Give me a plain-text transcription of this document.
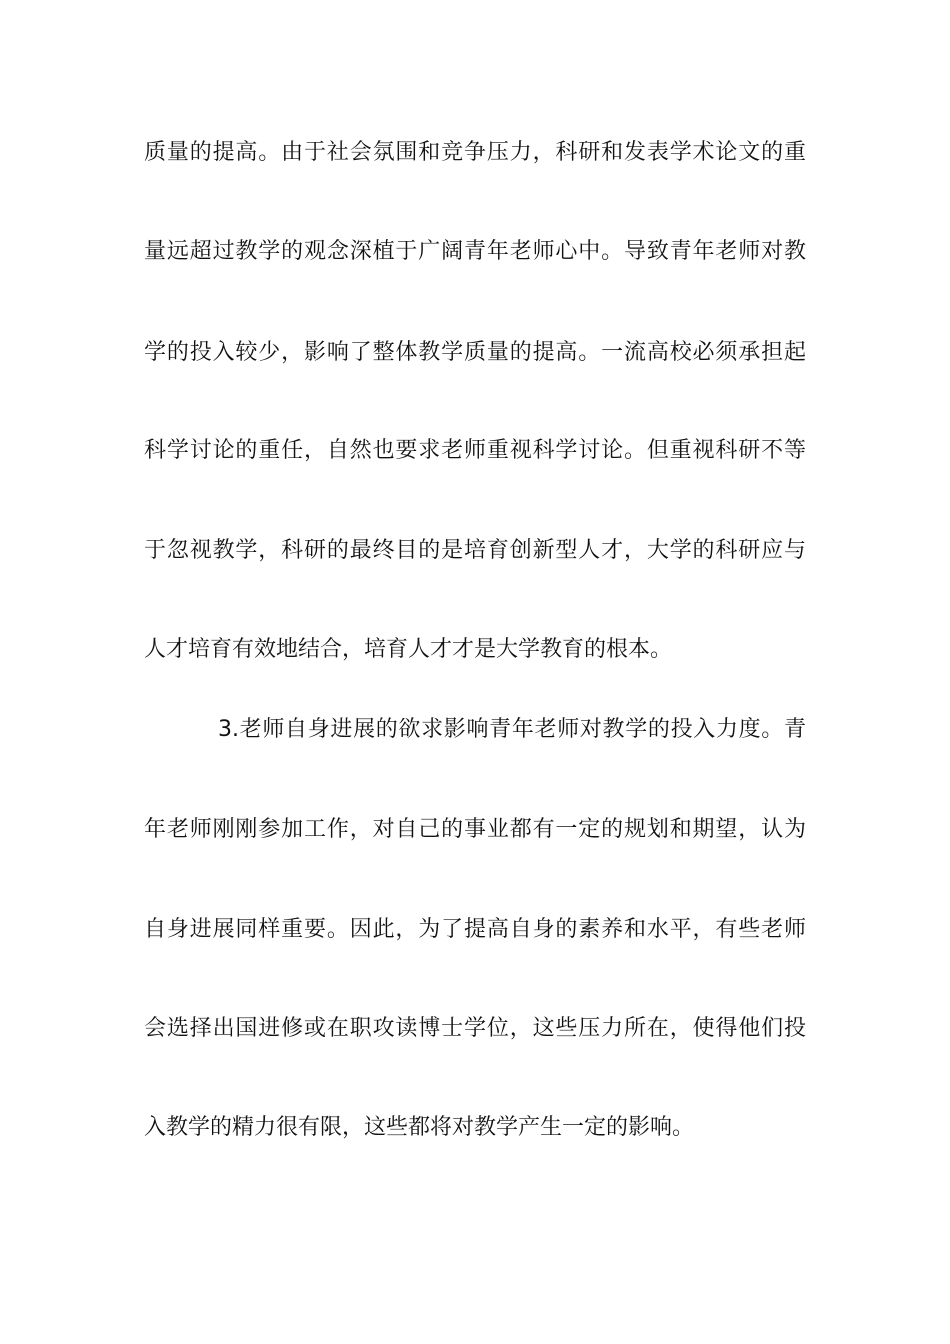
质量的提高。由于社会氛围和竞争压力，科研和发表学术论文的重
量远超过教学的观念深植于广阔青年老师心中。导致青年老师对教
学的投入较少，影响了整体教学质量的提高。一流高校必须承担起
科学讨论的重任，自然也要求老师重视科学讨论。但重视科研不等
于忽视教学，科研的最终目的是培育创新型人才，大学的科研应与
人才培育有效地结合，培育人才才是大学教育的根本。
3.老师自身进展的欲求影响青年老师对教学的投入力度。青
年老师刚刚参加工作，对自己的事业都有一定的规划和期望，认为
自身进展同样重要。因此，为了提高自身的素养和水平，有些老师
会选择出国进修或在职攻读博士学位，这些压力所在，使得他们投
入教学的精力很有限，这些都将对教学产生一定的影响。
